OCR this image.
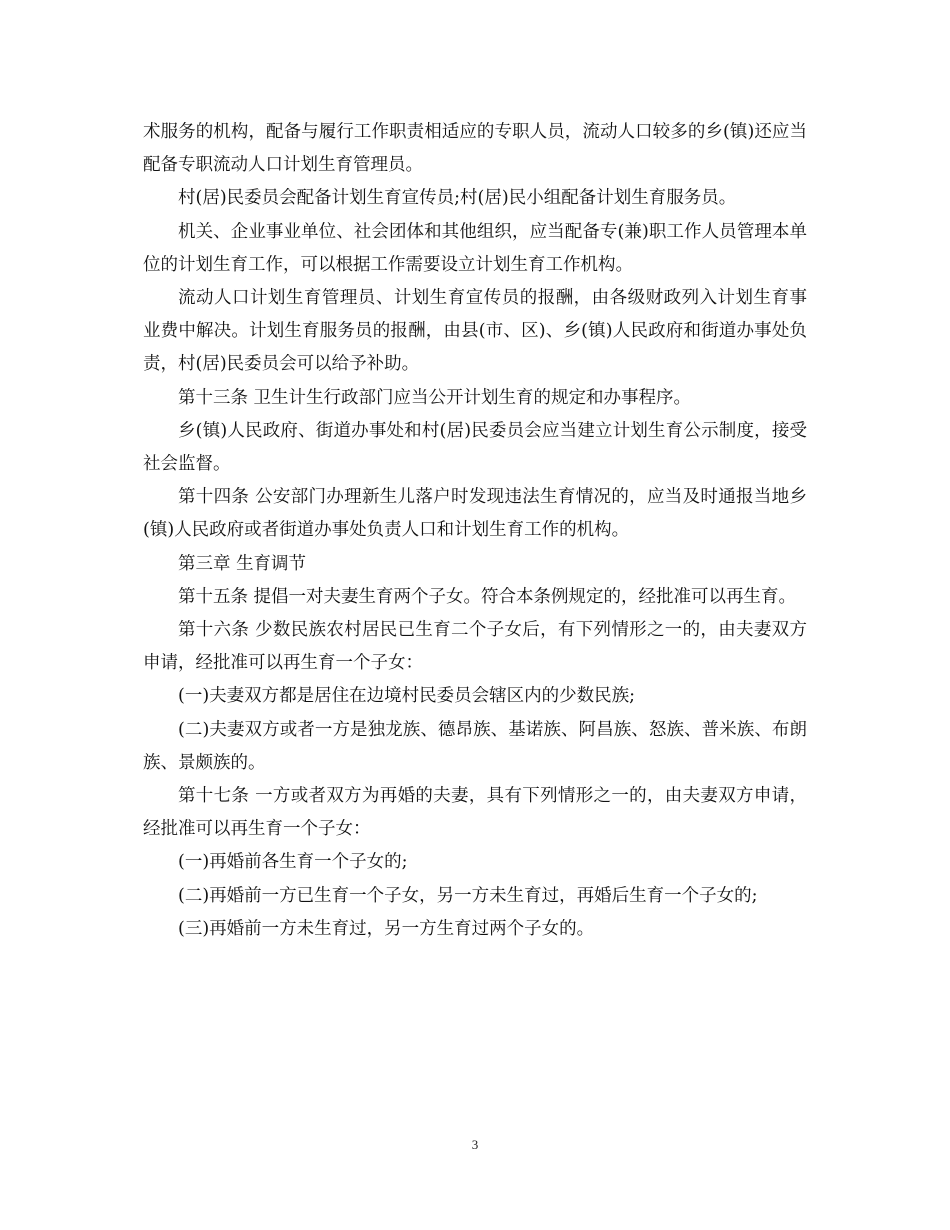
术服务的机构，配备与履行工作职责相适应的专职人员，流动人口较多的乡(镇)还应当配备专职流动人口计划生育管理员。

村(居)民委员会配备计划生育宣传员;村(居)民小组配备计划生育服务员。

机关、企业事业单位、社会团体和其他组织，应当配备专(兼)职工作人员管理本单位的计划生育工作，可以根据工作需要设立计划生育工作机构。

流动人口计划生育管理员、计划生育宣传员的报酬，由各级财政列入计划生育事业费中解决。计划生育服务员的报酬，由县(市、区)、乡(镇)人民政府和街道办事处负责，村(居)民委员会可以给予补助。

第十三条 卫生计生行政部门应当公开计划生育的规定和办事程序。

乡(镇)人民政府、街道办事处和村(居)民委员会应当建立计划生育公示制度，接受社会监督。

第十四条 公安部门办理新生儿落户时发现违法生育情况的，应当及时通报当地乡(镇)人民政府或者街道办事处负责人口和计划生育工作的机构。

第三章 生育调节

第十五条 提倡一对夫妻生育两个子女。符合本条例规定的，经批准可以再生育。

第十六条 少数民族农村居民已生育二个子女后，有下列情形之一的，由夫妻双方申请，经批准可以再生育一个子女：

(一)夫妻双方都是居住在边境村民委员会辖区内的少数民族;

(二)夫妻双方或者一方是独龙族、德昂族、基诺族、阿昌族、怒族、普米族、布朗族、景颇族的。

第十七条 一方或者双方为再婚的夫妻，具有下列情形之一的，由夫妻双方申请，经批准可以再生育一个子女：

(一)再婚前各生育一个子女的;

(二)再婚前一方已生育一个子女，另一方未生育过，再婚后生育一个子女的;

(三)再婚前一方未生育过，另一方生育过两个子女的。

3
